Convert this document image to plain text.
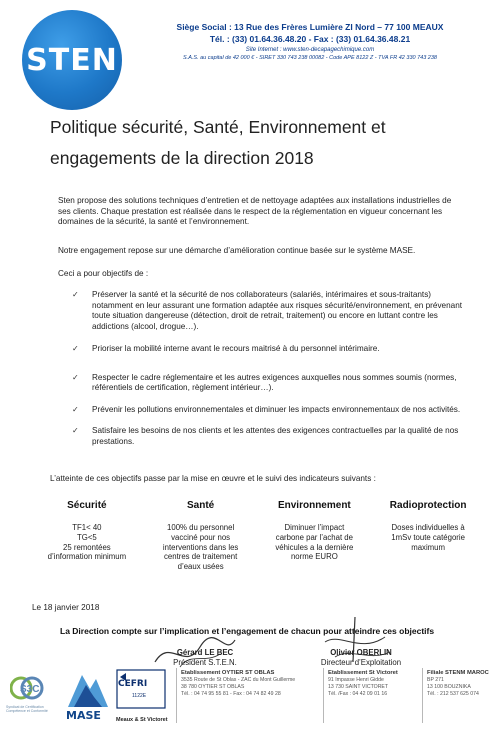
STEN
Siège Social : 13 Rue des Frères Lumière ZI Nord – 77 100 MEAUX
Tél. : (33) 01.64.36.48.20 - Fax : (33) 01.64.36.48.21
Site Internet : www.sten-decapagechimique.com
S.A.S. au capital de 42 000 € - SIRET 330 743 238 00082 - Code APE 8122 Z - TVA FR 42 330 743 238
Politique sécurité, Santé, Environnement et engagements de la direction 2018
Sten propose des solutions techniques d’entretien et de nettoyage adaptées aux installations industrielles de ses clients. Chaque prestation est réalisée dans le respect de la réglementation en vigueur concernant les domaines de la sécurité, la santé et l’environnement.
Notre engagement repose sur une démarche d’amélioration continue basée sur le système MASE.
Ceci a pour objectifs de :
✓ Préserver la santé et la sécurité de nos collaborateurs (salariés, intérimaires et sous-traitants) notamment en leur assurant une formation adaptée aux risques sécurité/environnement, en prévenant toute situation dangereuse (détection, droit de retrait, traitement) ou encore en luttant contre les addictions (alcool, drogue…).
✓ Prioriser la mobilité interne avant le recours maitrisé à du personnel intérimaire.
✓ Respecter le cadre réglementaire et les autres exigences auxquelles nous sommes soumis (normes, référentiels de certification, règlement intérieur…).
✓ Prévenir les pollutions environnementales et diminuer les impacts environnementaux de nos activités.
✓ Satisfaire les besoins de nos clients et les attentes des exigences contractuelles par la qualité de nos prestations.
L’atteinte de ces objectifs passe par la mise en œuvre et le suivi des indicateurs suivants :
Sécurité
TF1< 40
TG<5
25 remontées
d’information minimum
Santé
100% du personnel
vacciné pour nos
interventions dans les
centres de traitement
d’eaux usées
Environnement
Diminuer l’impact
carbone par l’achat de
véhicules a la dernière
norme EURO
Radioprotection
Doses individuelles à
1mSv toute catégorie
maximum
Le 18 janvier 2018
La Direction compte sur l’implication et l’engagement de chacun pour atteindre ces objectifs
Gérard LE BEC
Président S.T.E.N.
Olivier OBERLIN
Directeur d’Exploitation
S3C
Syndicat de Certification Compétence et Conformité	MASE
CEFRI
1122E
Meaux & St Victoret
Etablissement OYTIER ST OBLAS
3535 Route de St Oblas - ZAC du Mont Guillerme
38 780 OYTIER ST OBLAS
Tél. : 04 74 95 55 81 - Fax : 04 74 82 49 28
Etablissement St Victoret
91 Impasse Henri Gidde
13 730 SAINT VICTORET
Tél. /Fax : 04 42 09 01 16
Filiale STENM MAROC
BP 271
13 100 BOUZNIKA
Tél. : 212 537 625 074
